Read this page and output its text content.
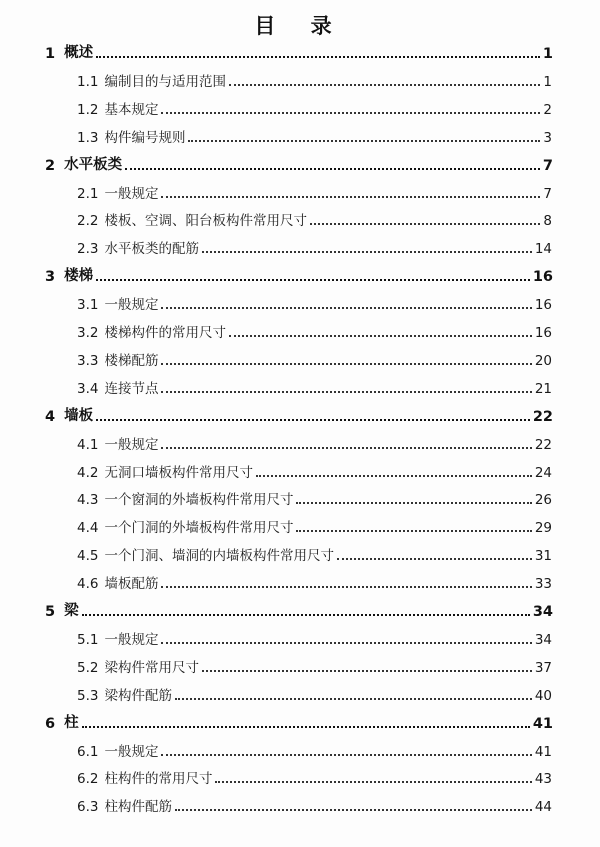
目 录
1 概述	1
1.1 编制目的与适用范围	1
1.2 基本规定	2
1.3 构件编号规则	3
2 水平板类	7
2.1 一般规定	7
2.2 楼板、空调、阳台板构件常用尺寸	8
2.3 水平板类的配筋	14
3 楼梯	16
3.1 一般规定	16
3.2 楼梯构件的常用尺寸	16
3.3 楼梯配筋	20
3.4 连接节点	21
4 墙板	22
4.1 一般规定	22
4.2 无洞口墙板构件常用尺寸	24
4.3 一个窗洞的外墙板构件常用尺寸	26
4.4 一个门洞的外墙板构件常用尺寸	29
4.5 一个门洞、墙洞的内墙板构件常用尺寸	31
4.6 墙板配筋	33
5 梁	34
5.1 一般规定	34
5.2 梁构件常用尺寸	37
5.3 梁构件配筋	40
6 柱	41
6.1 一般规定	41
6.2 柱构件的常用尺寸	43
6.3 柱构件配筋	44
